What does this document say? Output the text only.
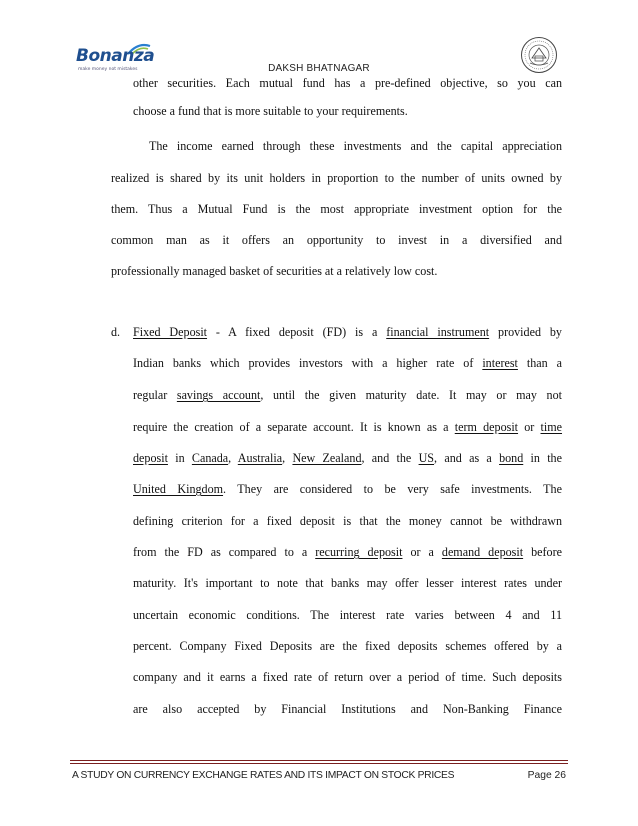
Bonanza
make money not mistakes	DAKSH BHATNAGAR
other securities. Each mutual fund has a pre-defined objective, so you can
choose a fund that is more suitable to your requirements.
The income earned through these investments and the capital appreciation
realized is shared by its unit holders in proportion to the number of units owned by
them. Thus a Mutual Fund is the most appropriate investment option for the
common man as it offers an opportunity to invest in a diversified and
professionally managed basket of securities at a relatively low cost.
d. Fixed Deposit - A fixed deposit (FD) is a financial instrument provided by
Indian banks which provides investors with a higher rate of interest than a
regular savings account, until the given maturity date. It may or may not
require the creation of a separate account. It is known as a term deposit or time
deposit in Canada, Australia, New Zealand, and the US, and as a bond in the
United Kingdom. They are considered to be very safe investments. The
defining criterion for a fixed deposit is that the money cannot be withdrawn
from the FD as compared to a recurring deposit or a demand deposit before
maturity. It's important to note that banks may offer lesser interest rates under
uncertain economic conditions. The interest rate varies between 4 and 11
percent. Company Fixed Deposits are the fixed deposits schemes offered by a
company and it earns a fixed rate of return over a period of time. Such deposits
are also accepted by Financial Institutions and Non-Banking Finance
A STUDY ON CURRENCY EXCHANGE RATES AND ITS IMPACT ON STOCK PRICES	Page 26
